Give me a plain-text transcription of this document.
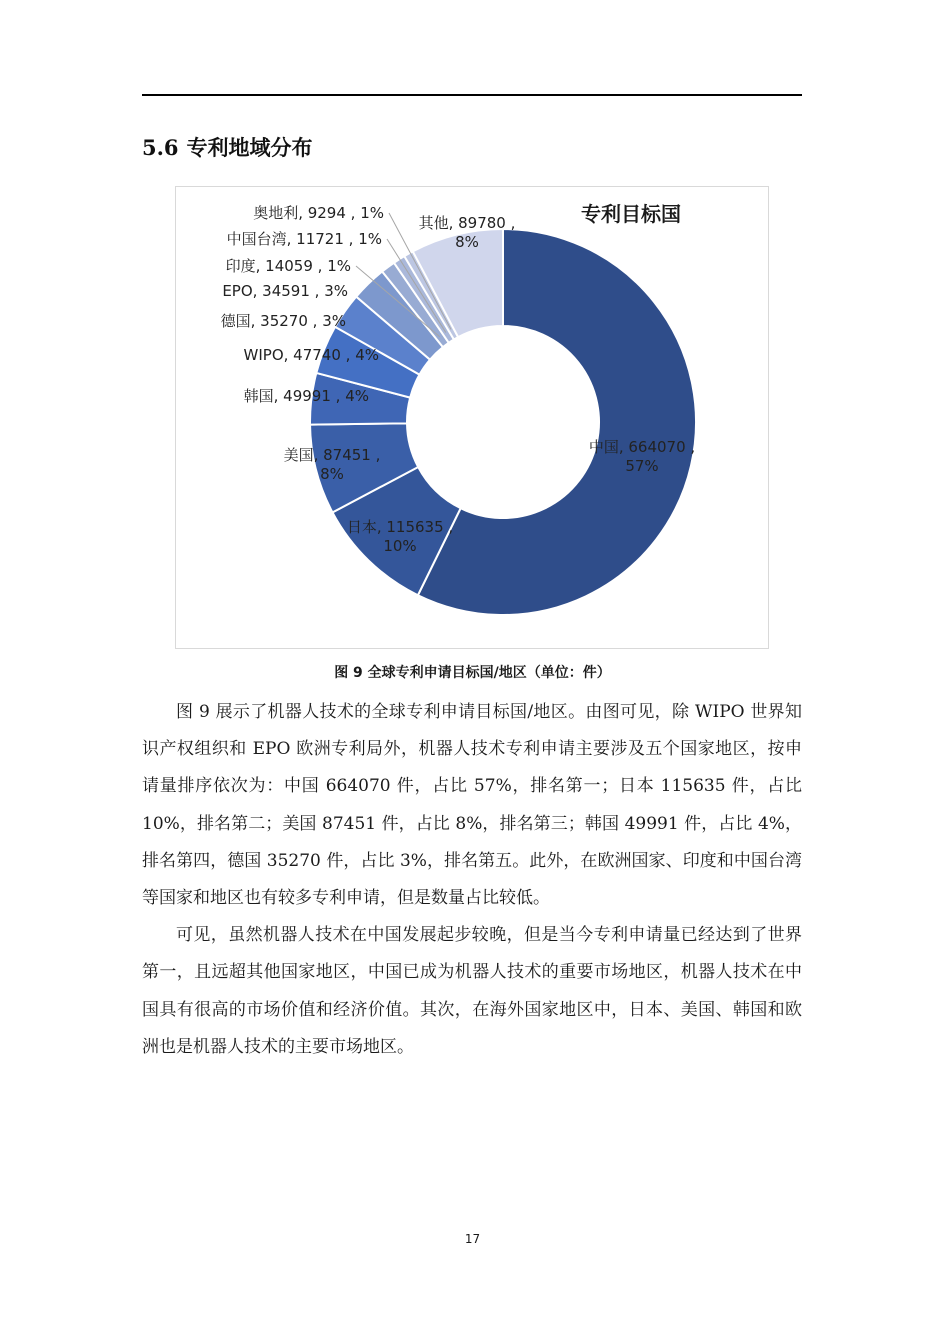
5.6 专利地域分布
中国, 664070 , 57%
日本, 115635 , 10%
美国, 87451 , 8%
韩国, 49991 , 4%
WIPO, 47740 , 4%
德国, 35270 , 3%
EPO, 34591 , 3%
印度, 14059 , 1%
中国台湾, 11721 , 1%
奥地利, 9294 , 1%
其他, 89780 , 8%
专利目标国
图 9 全球专利申请目标国/地区（单位：件）

图 9 展示了机器人技术的全球专利申请目标国/地区。由图可见，除 WIPO 世界知识产权组织和 EPO 欧洲专利局外，机器人技术专利申请主要涉及五个国家地区，按申请量排序依次为：中国 664070 件，占比 57%，排名第一；日本 115635 件，占比 10%，排名第二；美国 87451 件，占比 8%，排名第三；韩国 49991 件，占比 4%，排名第四，德国 35270 件，占比 3%，排名第五。此外，在欧洲国家、印度和中国台湾等国家和地区也有较多专利申请，但是数量占比较低。

可见，虽然机器人技术在中国发展起步较晚，但是当今专利申请量已经达到了世界第一，且远超其他国家地区，中国已成为机器人技术的重要市场地区，机器人技术在中国具有很高的市场价值和经济价值。其次，在海外国家地区中，日本、美国、韩国和欧洲也是机器人技术的主要市场地区。

17
